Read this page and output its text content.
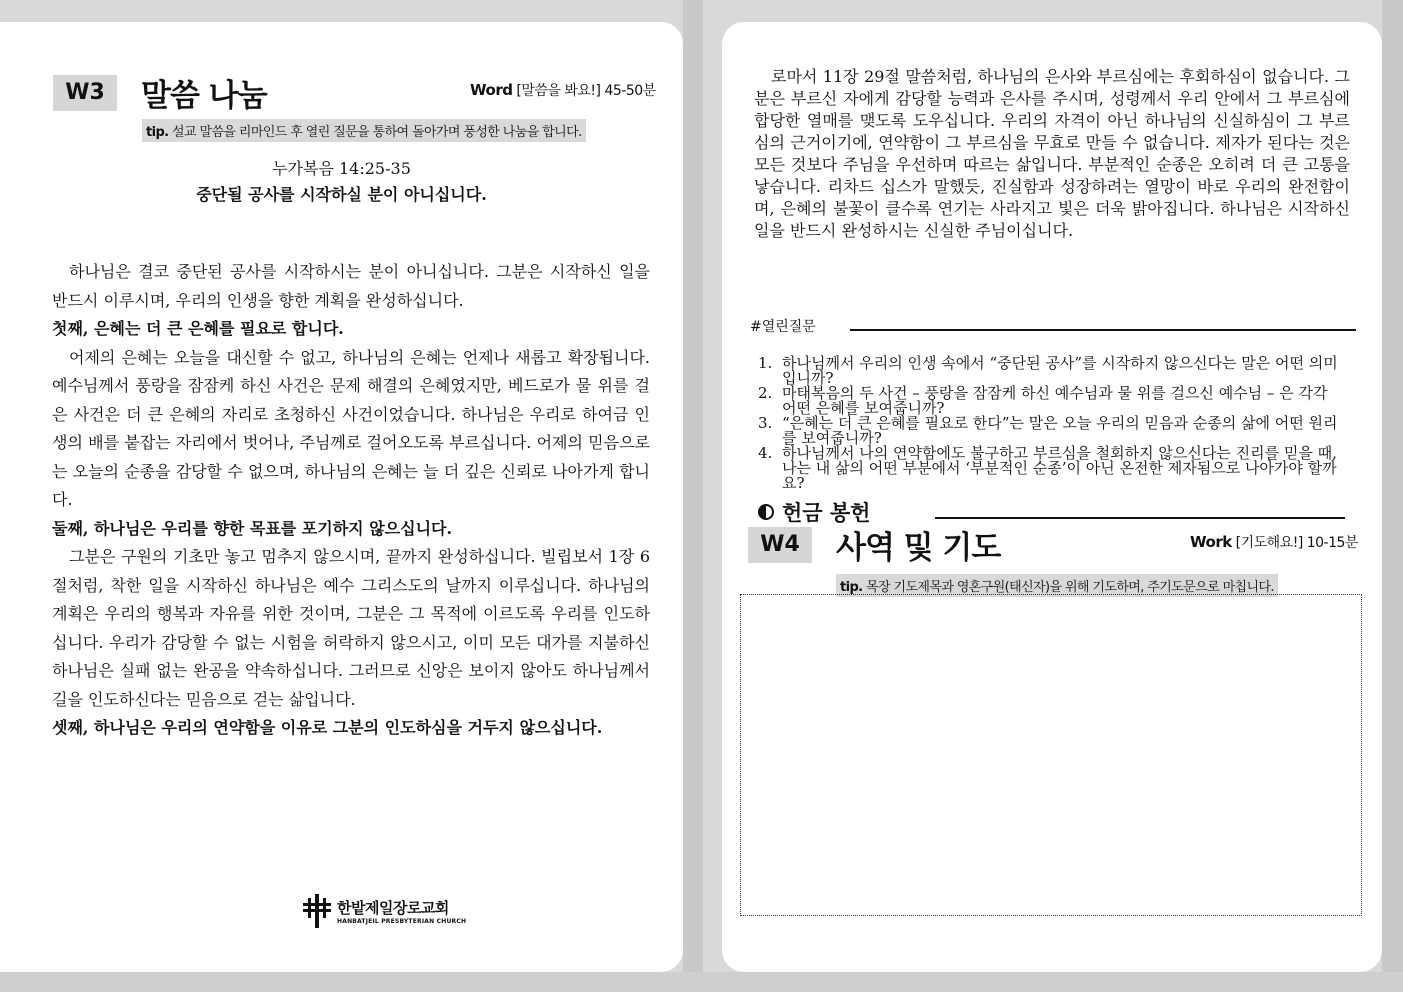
W3	말씀 나눔	Word [말씀을 봐요!] 45-50분
tip. 설교 말씀을 리마인드 후 열린 질문을 통하여 돌아가며 풍성한 나눔을 합니다.
누가복음 14:25-35
중단될 공사를 시작하실 분이 아니십니다.

하나님은 결코 중단된 공사를 시작하시는 분이 아니십니다. 그분은 시작하신 일을 반드시 이루시며, 우리의 인생을 향한 계획을 완성하십니다.

첫째, 은혜는 더 큰 은혜를 필요로 합니다.

어제의 은혜는 오늘을 대신할 수 없고, 하나님의 은혜는 언제나 새롭고 확장됩니다. 예수님께서 풍랑을 잠잠케 하신 사건은 문제 해결의 은혜였지만, 베드로가 물 위를 걸은 사건은 더 큰 은혜의 자리로 초청하신 사건이었습니다. 하나님은 우리로 하여금 인생의 배를 붙잡는 자리에서 벗어나, 주님께로 걸어오도록 부르십니다. 어제의 믿음으로는 오늘의 순종을 감당할 수 없으며, 하나님의 은혜는 늘 더 깊은 신뢰로 나아가게 합니다.

둘째, 하나님은 우리를 향한 목표를 포기하지 않으십니다.

그분은 구원의 기초만 놓고 멈추지 않으시며, 끝까지 완성하십니다. 빌립보서 1장 6절처럼, 착한 일을 시작하신 하나님은 예수 그리스도의 날까지 이루십니다. 하나님의 계획은 우리의 행복과 자유를 위한 것이며, 그분은 그 목적에 이르도록 우리를 인도하십니다. 우리가 감당할 수 없는 시험을 허락하지 않으시고, 이미 모든 대가를 지불하신 하나님은 실패 없는 완공을 약속하십니다. 그러므로 신앙은 보이지 않아도 하나님께서 길을 인도하신다는 믿음으로 걷는 삶입니다.

셋째, 하나님은 우리의 연약함을 이유로 그분의 인도하심을 거두지 않으십니다.

한밭제일장로교회
HANBATJEIL PRESBYTERIAN CHURCH

로마서 11장 29절 말씀처럼, 하나님의 은사와 부르심에는 후회하심이 없습니다. 그분은 부르신 자에게 감당할 능력과 은사를 주시며, 성령께서 우리 안에서 그 부르심에 합당한 열매를 맺도록 도우십니다. 우리의 자격이 아닌 하나님의 신실하심이 그 부르심의 근거이기에, 연약함이 그 부르심을 무효로 만들 수 없습니다. 제자가 된다는 것은 모든 것보다 주님을 우선하며 따르는 삶입니다. 부분적인 순종은 오히려 더 큰 고통을 낳습니다. 리차드 십스가 말했듯, 진실함과 성장하려는 열망이 바로 우리의 완전함이며, 은혜의 불꽃이 클수록 연기는 사라지고 빛은 더욱 밝아집니다. 하나님은 시작하신 일을 반드시 완성하시는 신실한 주님이십니다.

#열린질문
1. 하나님께서 우리의 인생 속에서 “중단된 공사”를 시작하지 않으신다는 말은 어떤 의미입니까?
2. 마태복음의 두 사건 – 풍랑을 잠잠케 하신 예수님과 물 위를 걸으신 예수님 – 은 각각 어떤 은혜를 보여줍니까?
3. “은혜는 더 큰 은혜를 필요로 한다”는 말은 오늘 우리의 믿음과 순종의 삶에 어떤 원리를 보여줍니까?
4. 하나님께서 나의 연약함에도 불구하고 부르심을 철회하지 않으신다는 진리를 믿을 때, 나는 내 삶의 어떤 부분에서 ‘부분적인 순종’이 아닌 온전한 제자됨으로 나아가야 할까요?
헌금 봉헌
W4	사역 및 기도	Work [기도해요!] 10-15분
tip. 목장 기도제목과 영혼구원(태신자)을 위해 기도하며, 주기도문으로 마칩니다.
